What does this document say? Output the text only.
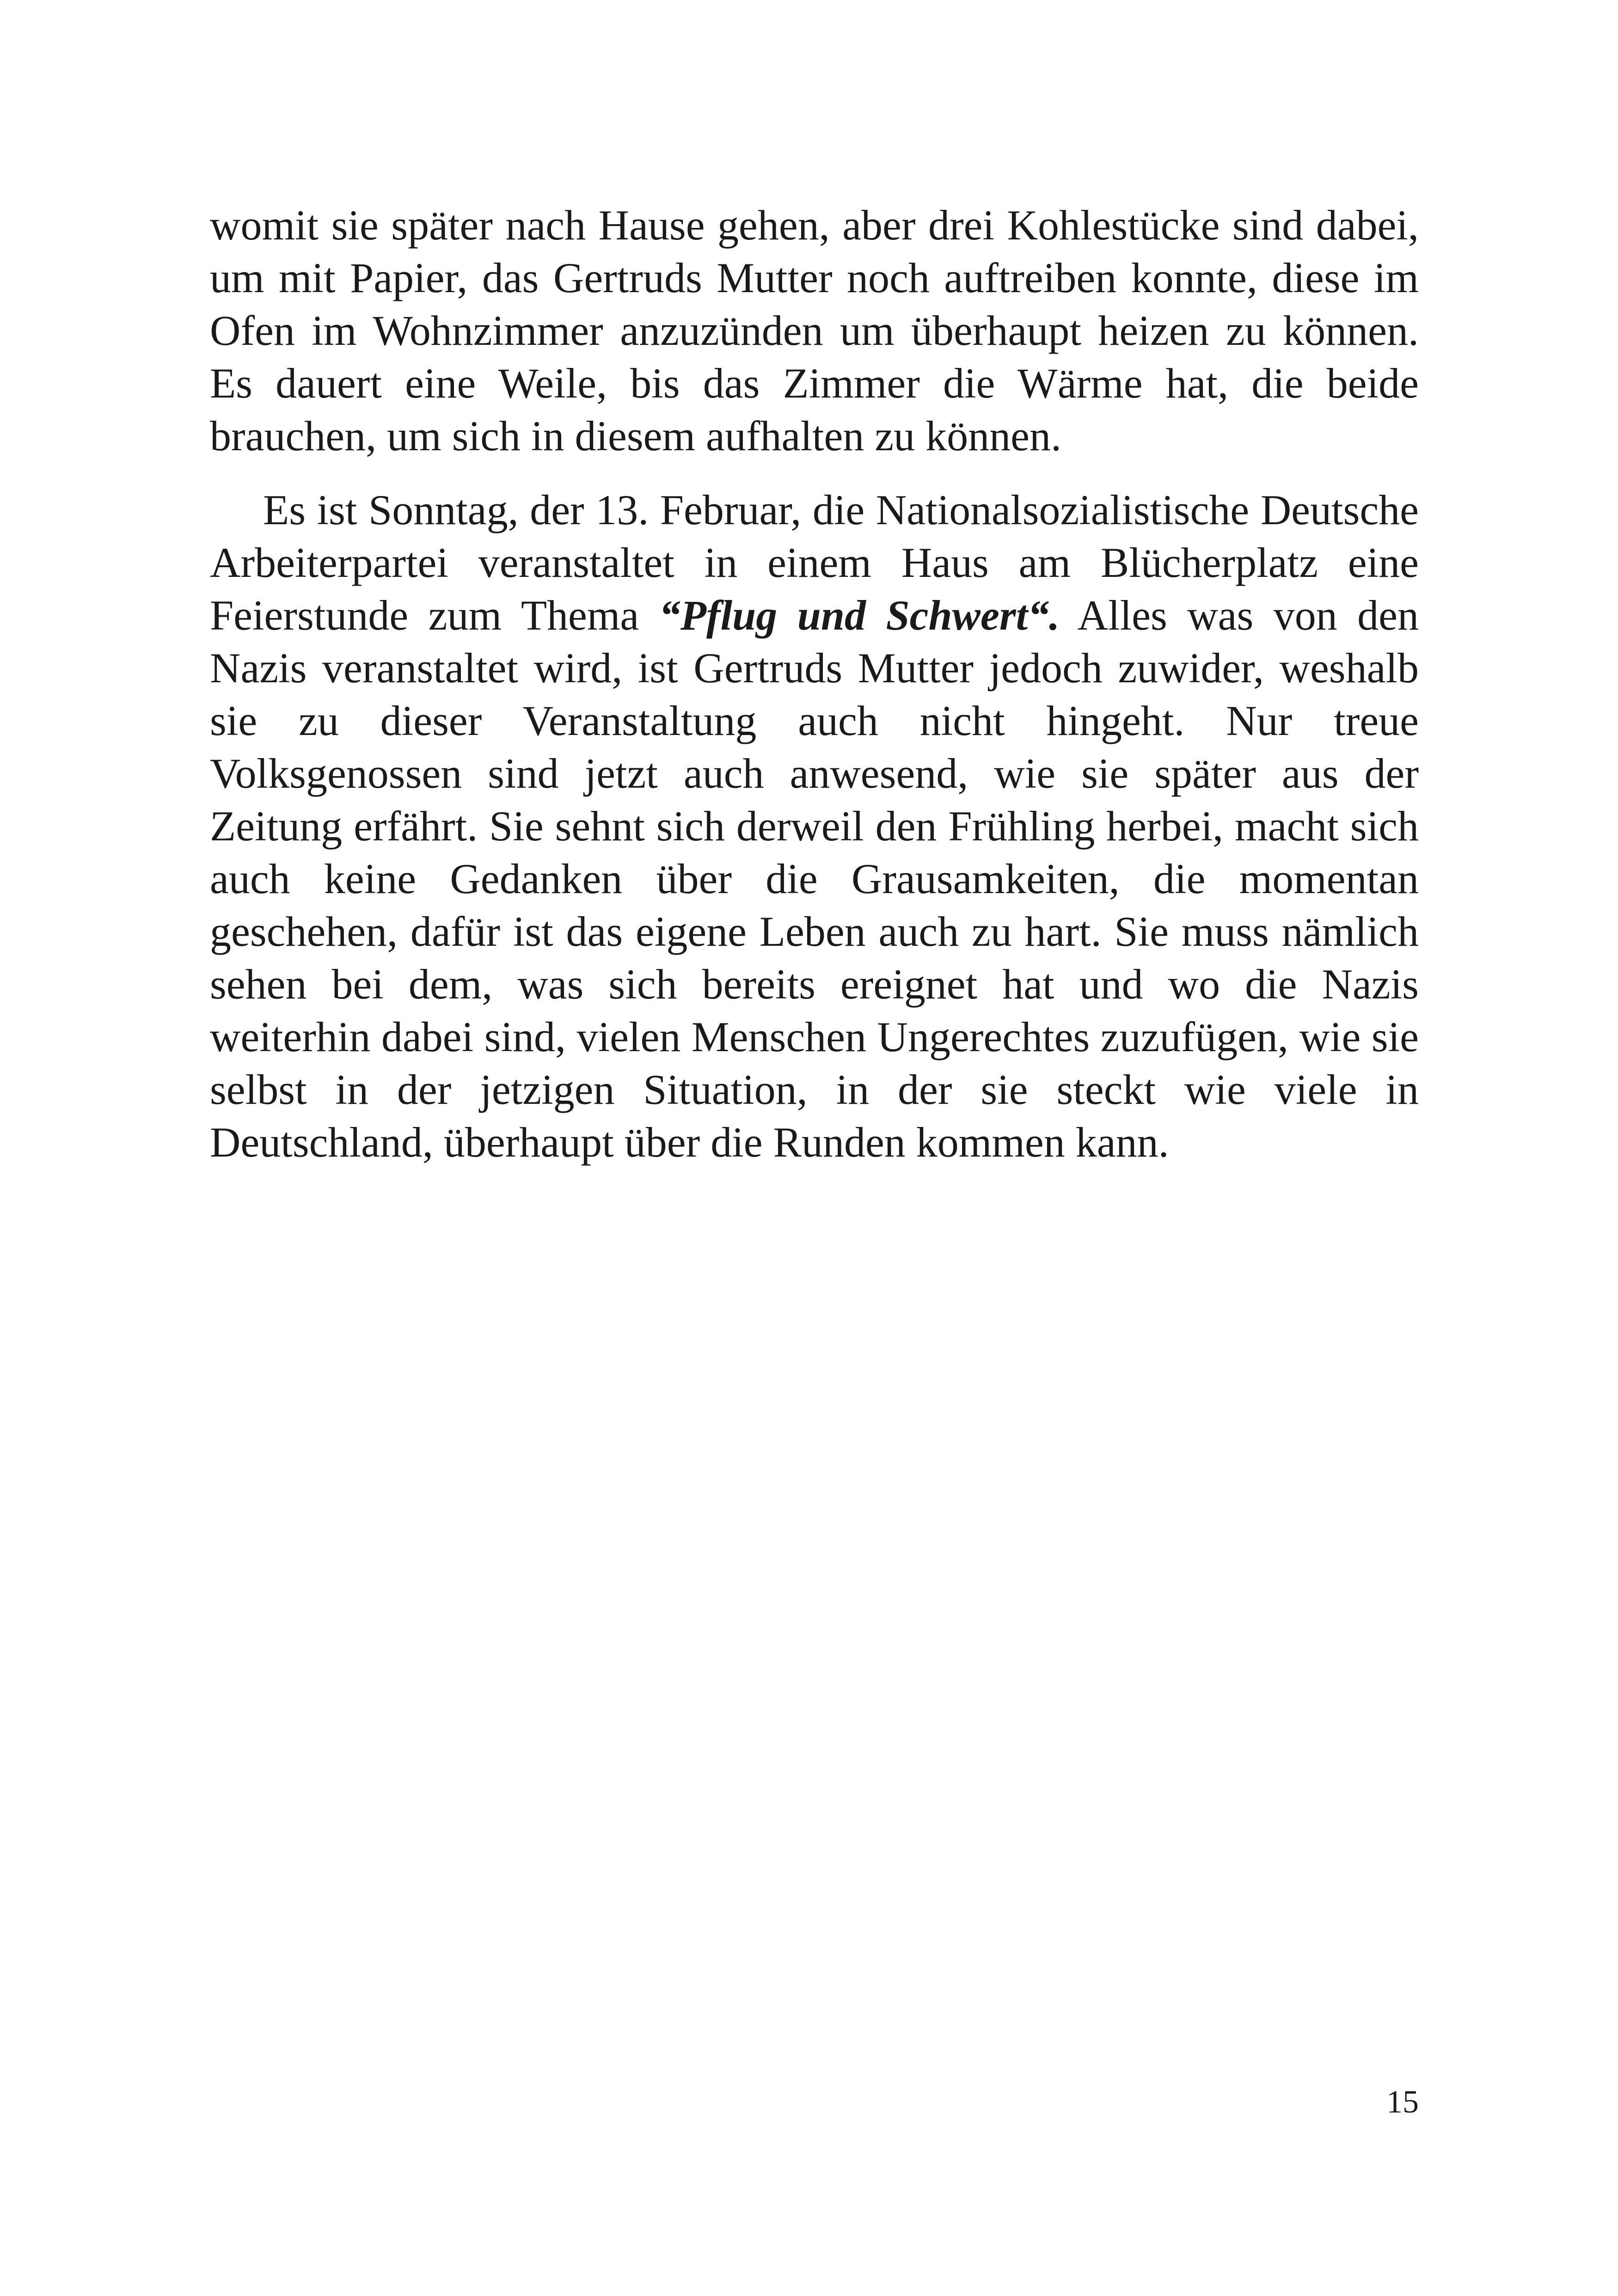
womit sie später nach Hause gehen, aber drei Kohlestücke sind dabei, um mit Papier, das Gertruds Mutter noch auftreiben konnte, diese im Ofen im Wohnzimmer anzuzünden um überhaupt heizen zu können. Es dauert eine Weile, bis das Zimmer die Wärme hat, die beide brauchen, um sich in diesem aufhalten zu können.

Es ist Sonntag, der 13. Februar, die Nationalsozialistische Deutsche Arbeiterpartei veranstaltet in einem Haus am Blücherplatz eine Feierstunde zum Thema “Pflug und Schwert“. Alles was von den Nazis veranstaltet wird, ist Gertruds Mutter jedoch zuwider, weshalb sie zu dieser Veranstaltung auch nicht hingeht. Nur treue Volksgenossen sind jetzt auch anwesend, wie sie später aus der Zeitung erfährt. Sie sehnt sich derweil den Frühling herbei, macht sich auch keine Gedanken über die Grausamkeiten, die momentan geschehen, dafür ist das eigene Leben auch zu hart. Sie muss nämlich sehen bei dem, was sich bereits ereignet hat und wo die Nazis weiterhin dabei sind, vielen Menschen Ungerechtes zuzufügen, wie sie selbst in der jetzigen Situation, in der sie steckt wie viele in Deutschland, überhaupt über die Runden kommen kann.

15
